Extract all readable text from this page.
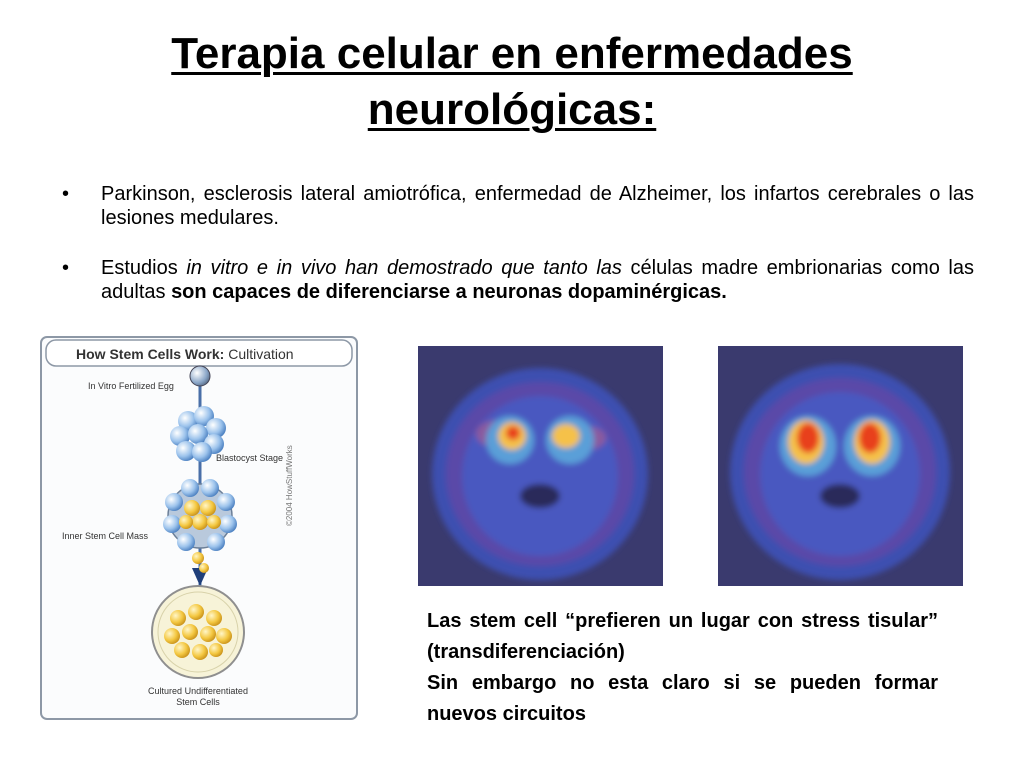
Terapia celular en enfermedades
neurológicas:
• Parkinson, esclerosis lateral amiotrófica, enfermedad de Alzheimer, los infartos cerebrales o las lesiones medulares.
• Estudios in vitro e in vivo han demostrado que tanto las células madre embrionarias como las adultas son capaces de diferenciarse a neuronas dopaminérgicas.
How Stem Cells Work: Cultivation
In Vitro Fertilized Egg
Blastocyst Stage
Inner Stem Cell Mass
Cultured Undifferentiated
Stem Cells
©2004 HowStuffWorks
Las stem cell “prefieren un lugar con stress tisular” (transdiferenciación)
Sin embargo no esta claro si se pueden formar nuevos circuitos
